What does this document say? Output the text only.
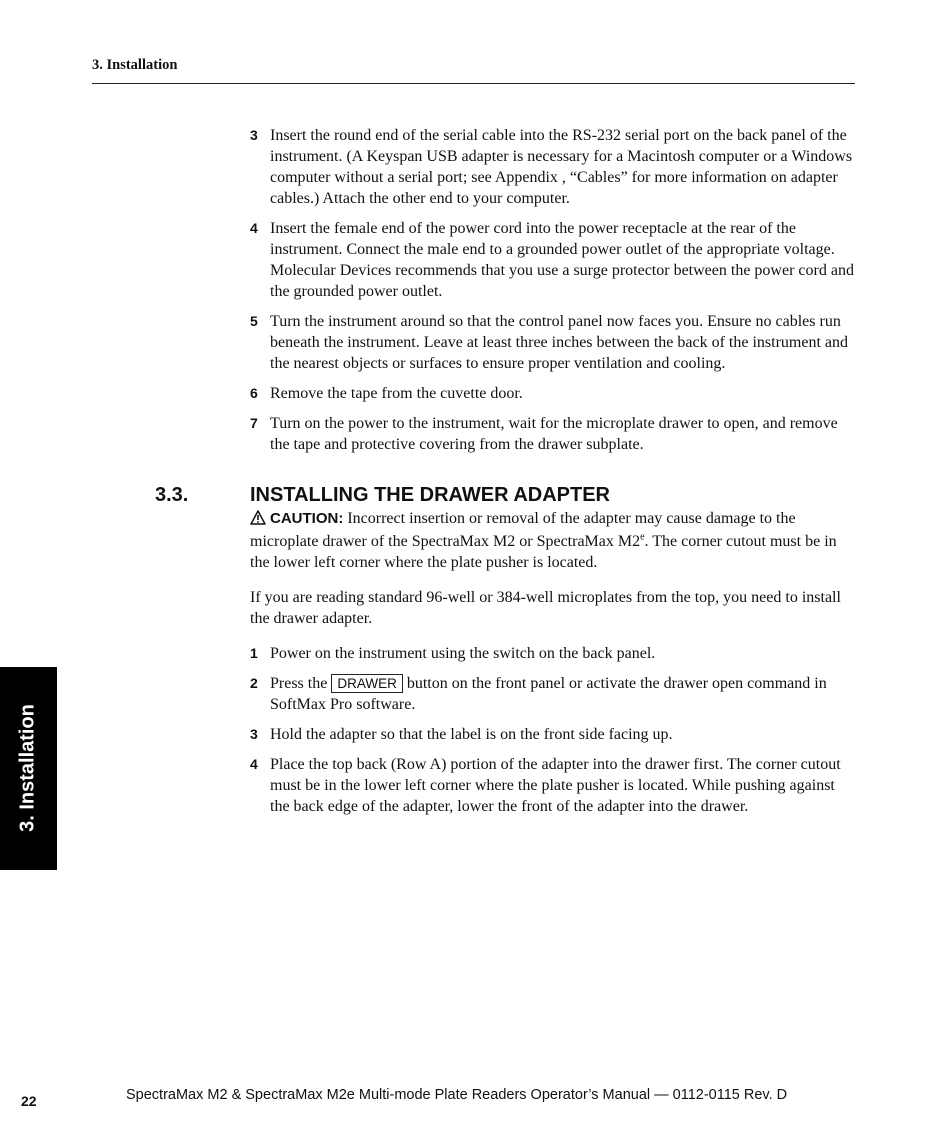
3. Installation
3 Insert the round end of the serial cable into the RS-232 serial port on the back panel of the instrument. (A Keyspan USB adapter is necessary for a Macintosh computer or a Windows computer without a serial port; see Appendix , “Cables” for more information on adapter cables.) Attach the other end to your computer.
4 Insert the female end of the power cord into the power receptacle at the rear of the instrument. Connect the male end to a grounded power outlet of the appropriate voltage. Molecular Devices recommends that you use a surge protector between the power cord and the grounded power outlet.
5 Turn the instrument around so that the control panel now faces you. Ensure no cables run beneath the instrument. Leave at least three inches between the back of the instrument and the nearest objects or surfaces to ensure proper ventilation and cooling.
6 Remove the tape from the cuvette door.
7 Turn on the power to the instrument, wait for the microplate drawer to open, and remove the tape and protective covering from the drawer subplate.
3.3.	INSTALLING THE DRAWER ADAPTER

CAUTION: Incorrect insertion or removal of the adapter may cause damage to the microplate drawer of the SpectraMax M2 or SpectraMax M2e. The corner cutout must be in the lower left corner where the plate pusher is located.

If you are reading standard 96-well or 384-well microplates from the top, you need to install the drawer adapter.

1 Power on the instrument using the switch on the back panel.
2 Press the DRAWER button on the front panel or activate the drawer open command in SoftMax Pro software.
3 Hold the adapter so that the label is on the front side facing up.
4 Place the top back (Row A) portion of the adapter into the drawer first. The corner cutout must be in the lower left corner where the plate pusher is located. While pushing against the back edge of the adapter, lower the front of the adapter into the drawer.
3. Installation
22	SpectraMax M2 & SpectraMax M2e Multi-mode Plate Readers Operator’s Manual — 0112-0115 Rev. D
